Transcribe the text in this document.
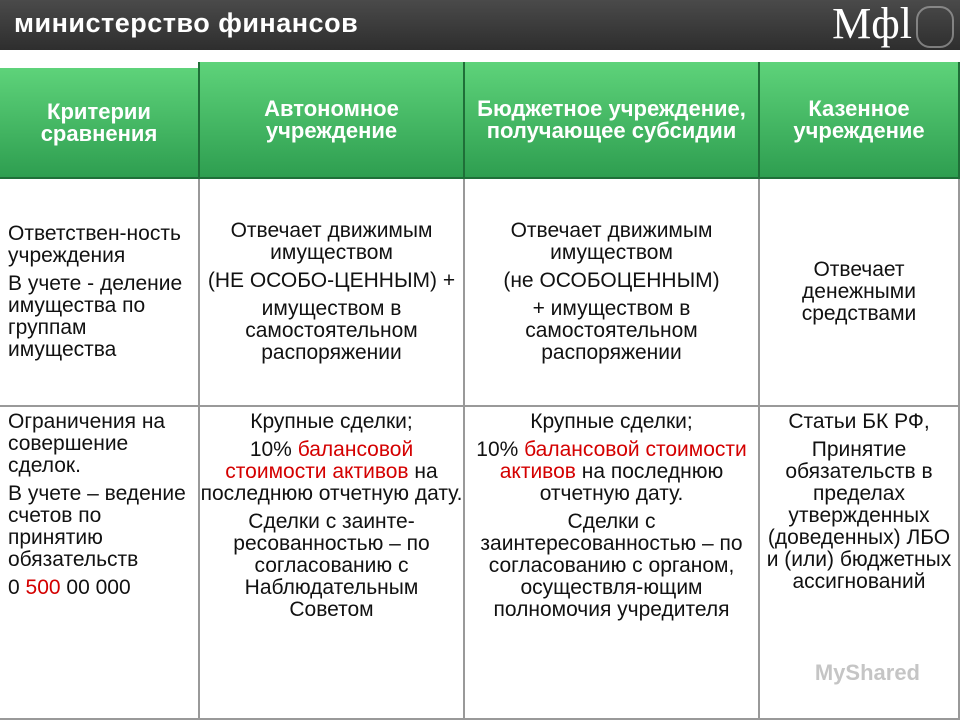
министерство финансов	Мфl
Критерии сравнения
Автономное учреждение
Бюджетное учреждение, получающее субсидии
Казенное учреждение
Ответствен-ность учреждения
В учете - деление имущества по группам имущества
Отвечает движимым имуществом
(НЕ ОСОБО-ЦЕННЫМ) +
имуществом в самостоятельном распоряжении
Отвечает движимым имуществом
(не ОСОБОЦЕННЫМ)
+ имуществом в самостоятельном распоряжении
Отвечает денежными средствами
Ограничения на совершение сделок.
В учете – ведение счетов по принятию обязательств
0 500 00 000
Крупные сделки;
10% балансовой стоимости активов на последнюю отчетную дату.
Сделки с заинте-ресованностью – по согласованию с Наблюдательным Советом
Крупные сделки;
10% балансовой стоимости активов на последнюю отчетную дату.
Сделки с заинтересованностью – по согласованию с органом, осуществля-ющим полномочия учредителя
Статьи БК РФ,
Принятие обязательств в пределах утвержденных (доведенных) ЛБО и (или) бюджетных ассигнований
MyShared
